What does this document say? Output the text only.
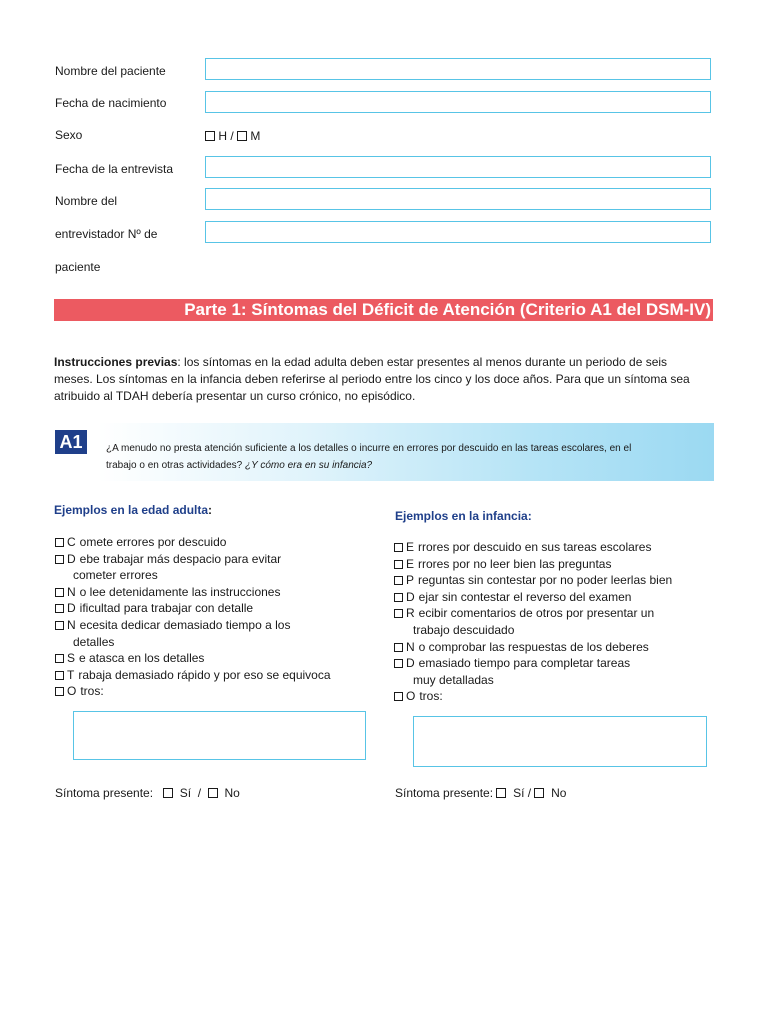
Nombre del paciente
Fecha de nacimiento
Sexo	H / M
Fecha de la entrevista
Nombre del
entrevistador Nº de
paciente
Parte 1: Síntomas del Déficit de Atención (Criterio A1 del DSM-IV)
Instrucciones previas: los síntomas en la edad adulta deben estar presentes al menos durante un periodo de seis
meses. Los síntomas en la infancia deben referirse al periodo entre los cinco y los doce años. Para que un síntoma sea
atribuido al TDAH debería presentar un curso crónico, no episódico.
A1	¿A menudo no presta atención suficiente a los detalles o incurre en errores por descuido en las tareas escolares, en el
trabajo o en otras actividades? ¿Y cómo era en su infancia?
Ejemplos en la edad adulta:
C omete errores por descuido
D ebe trabajar más despacio para evitar
cometer errores
N o lee detenidamente las instrucciones
D ificultad para trabajar con detalle
N ecesita dedicar demasiado tiempo a los
detalles
S e atasca en los detalles
T rabaja demasiado rápido y por eso se equivoca
O tros:
Síntoma presente: Sí / No
Ejemplos en la infancia:
E rrores por descuido en sus tareas escolares
E rrores por no leer bien las preguntas
P reguntas sin contestar por no poder leerlas bien
D ejar sin contestar el reverso del examen
R ecibir comentarios de otros por presentar un
trabajo descuidado
N o comprobar las respuestas de los deberes
D emasiado tiempo para completar tareas
muy detalladas
O tros:
Síntoma presente: Sí / No
